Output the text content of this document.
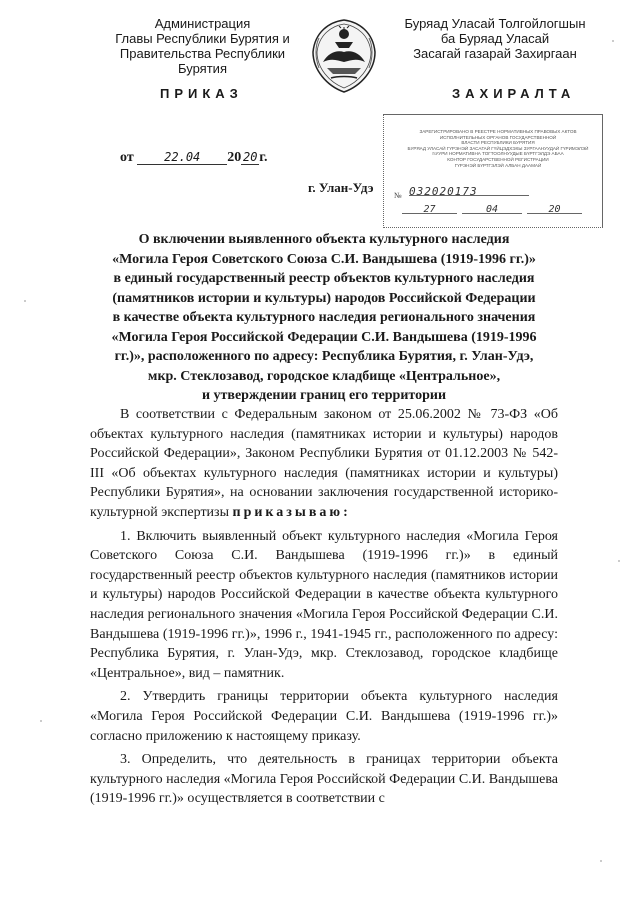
Администрация
Главы Республики Бурятия и
Правительства Республики Бурятия
ПРИКАЗ
Буряад Уласай Толгойлогшын
ба Буряад Уласай
Засагай газарай Захиргаан
ЗАХИРАЛТА
ЗАРЕГИСТРИРОВАНО В РЕЕСТРЕ НОРМАТИВНЫХ ПРАВОВЫХ АКТОВ
ИСПОЛНИТЕЛЬНЫХ ОРГАНОВ ГОСУДАРСТВЕННОЙ
ВЛАСТИ РЕСПУБЛИКИ БУРЯТИЯ
БУРЯАД УЛАСАЙ ГҮРЭНЭЙ ЗАСАГАЙ ГҮЙЦЭДХЭХЫ ЗУРГААНУУДАЙ ГҮРИМЭЛЭЙ
ҺУУРИ НОРМАТИВНА ТОГТООЛНУУДЫЕ БҮРТГЭЛДЭ АБАА
КОНТОР ГОСУДАРСТВЕННОЙ РЕГИСТРАЦИИ
ГҮРЭНЭЙ БҮРТГЭЛЭЙ АЛБАН ДААМАЙ
№ 032020173
27	04	20
от	22.04 20 20 г.
г. Улан-Удэ
О включении выявленного объекта культурного наследия
«Могила Героя Советского Союза С.И. Вандышева (1919-1996 гг.)»
в единый государственный реестр объектов культурного наследия
(памятников истории и культуры) народов Российской Федерации
в качестве объекта культурного наследия регионального значения
«Могила Героя Российской Федерации С.И. Вандышева (1919-1996
гг.)», расположенного по адресу: Республика Бурятия, г. Улан-Удэ,
мкр. Стеклозавод, городское кладбище «Центральное»,
и утверждении границ его территории

В соответствии с Федеральным законом от 25.06.2002 № 73-ФЗ «Об объектах культурного наследия (памятниках истории и культуры) народов Российской Федерации», Законом Республики Бурятия от 01.12.2003 № 542-III «Об объектах культурного наследия (памятниках истории и культуры) Республики Бурятия», на основании заключения государственной историко-культурной экспертизы приказываю:

1. Включить выявленный объект культурного наследия «Могила Героя Советского Союза С.И. Вандышева (1919-1996 гг.)» в единый государственный реестр объектов культурного наследия (памятников истории и культуры) народов Российской Федерации в качестве объекта культурного наследия регионального значения «Могила Героя Российской Федерации С.И. Вандышева (1919-1996 гг.)», 1996 г., 1941-1945 гг., расположенного по адресу: Республика Бурятия, г. Улан-Удэ, мкр. Стеклозавод, городское кладбище «Центральное», вид – памятник.

2. Утвердить границы территории объекта культурного наследия «Могила Героя Российской Федерации С.И. Вандышева (1919-1996 гг.)» согласно приложению к настоящему приказу.

3. Определить, что деятельность в границах территории объекта культурного наследия «Могила Героя Российской Федерации С.И. Вандышева (1919-1996 гг.)» осуществляется в соответствии с
